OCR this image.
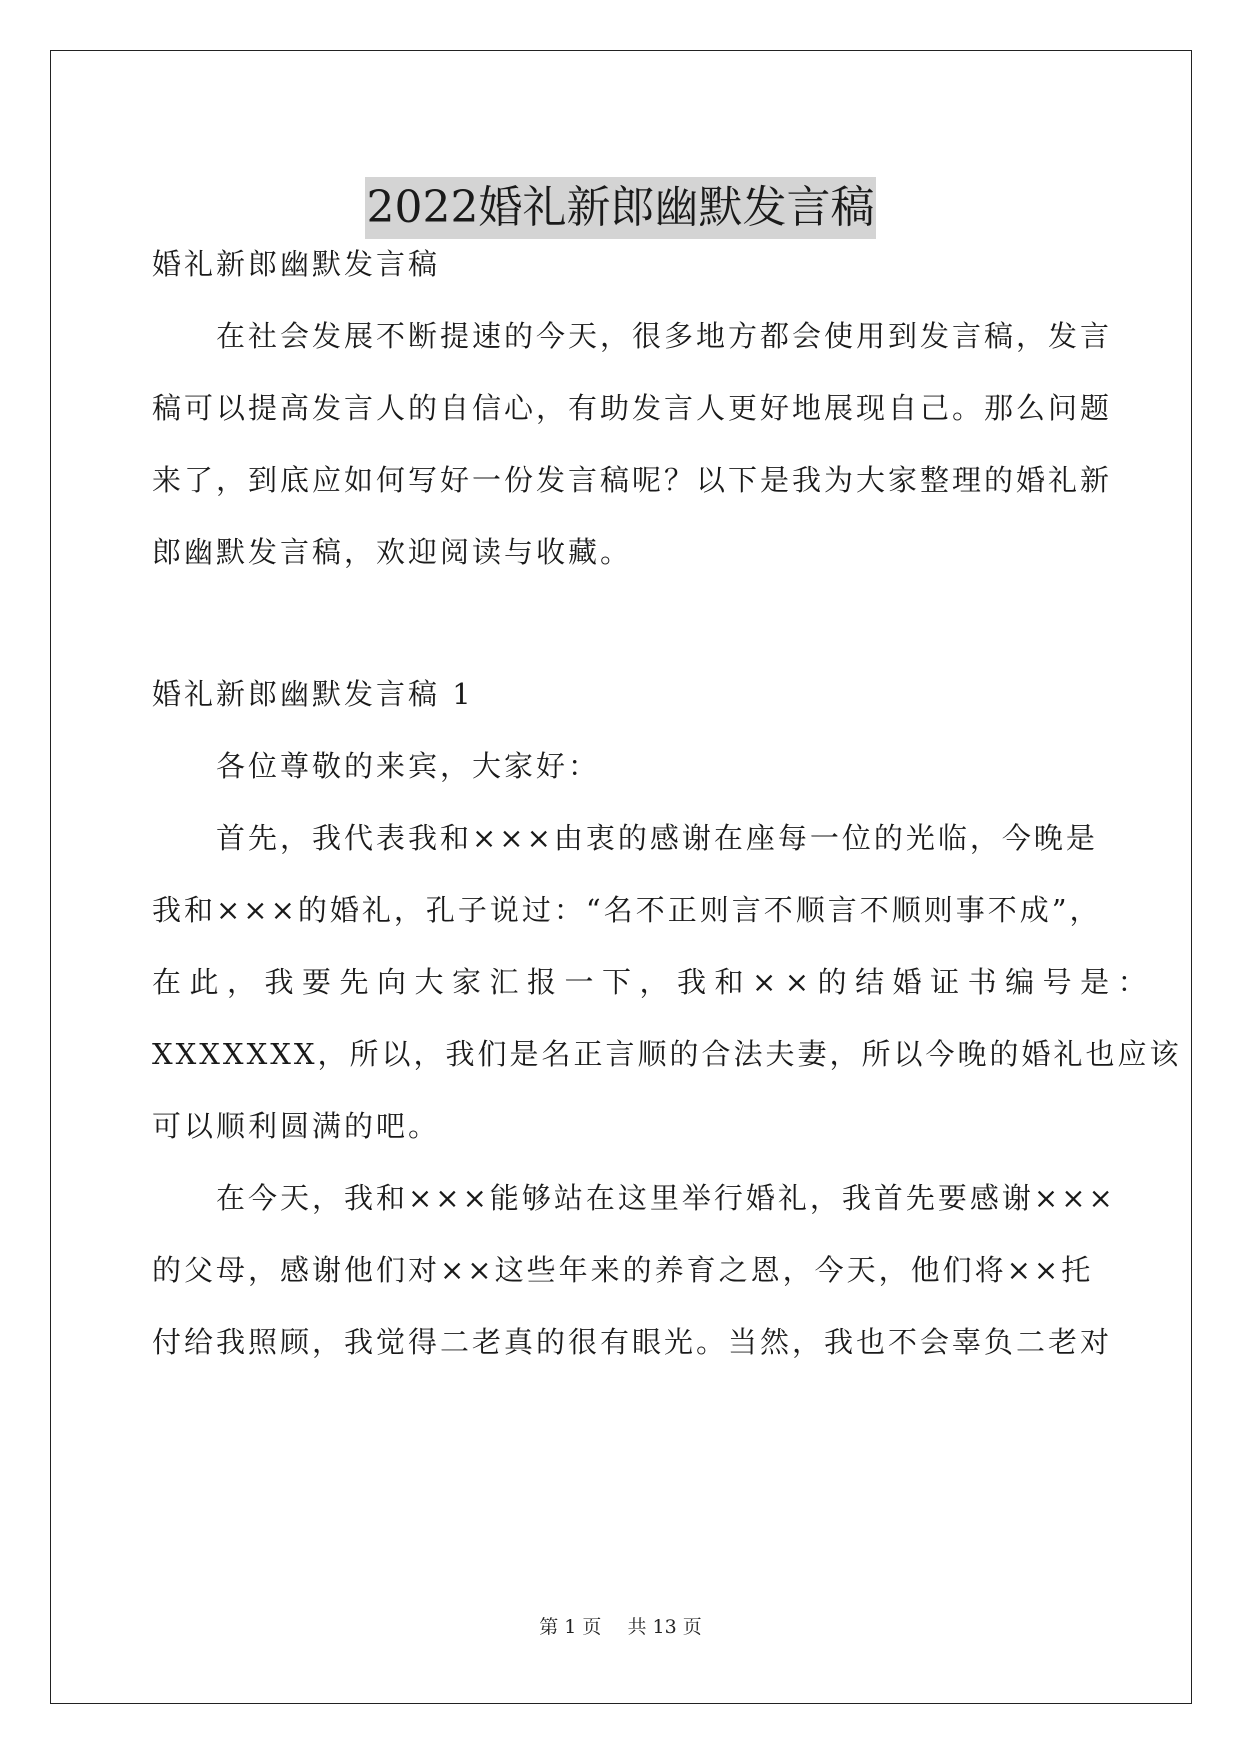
2022婚礼新郎幽默发言稿
婚礼新郎幽默发言稿
在社会发展不断提速的今天，很多地方都会使用到发言稿，发言
稿可以提高发言人的自信心，有助发言人更好地展现自己。那么问题
来了，到底应如何写好一份发言稿呢？以下是我为大家整理的婚礼新
郎幽默发言稿，欢迎阅读与收藏。
婚礼新郎幽默发言稿 1
各位尊敬的来宾，大家好：
首先，我代表我和×××由衷的感谢在座每一位的光临，今晚是
我和×××的婚礼，孔子说过：“名不正则言不顺言不顺则事不成”，
在此，我要先向大家汇报一下，我和××的结婚证书编号是：
XXXXXXX，所以，我们是名正言顺的合法夫妻，所以今晚的婚礼也应该
可以顺利圆满的吧。
在今天，我和×××能够站在这里举行婚礼，我首先要感谢×××
的父母，感谢他们对××这些年来的养育之恩，今天，他们将××托
付给我照顾，我觉得二老真的很有眼光。当然，我也不会辜负二老对
第 1 页 共 13 页
